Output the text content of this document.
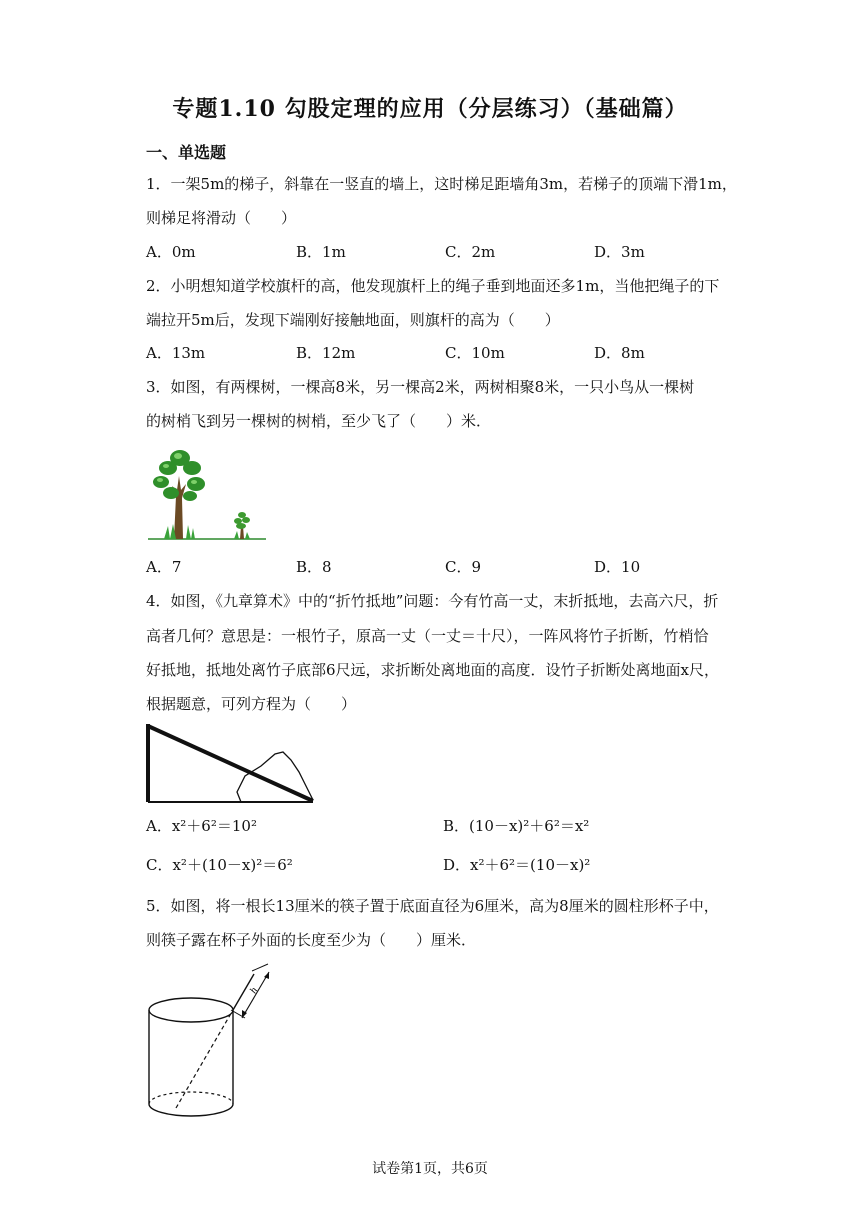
专题1.10 勾股定理的应用（分层练习）（基础篇）
一、单选题
1．一架5m的梯子，斜靠在一竖直的墙上，这时梯足距墙角3m，若梯子的顶端下滑1m，
则梯足将滑动（　　）
A．0m	B．1m	C．2m	D．3m
2．小明想知道学校旗杆的高，他发现旗杆上的绳子垂到地面还多1m，当他把绳子的下
端拉开5m后，发现下端刚好接触地面，则旗杆的高为（　　）
A．13m	B．12m	C．10m	D．8m
3．如图，有两棵树，一棵高8米，另一棵高2米，两树相聚8米，一只小鸟从一棵树
的树梢飞到另一棵树的树梢，至少飞了（　　）米．
A．7	B．8	C．9	D．10
4．如图，《九章算术》中的“折竹抵地”问题：今有竹高一丈，末折抵地，去高六尺，折
高者几何？意思是：一根竹子，原高一丈（一丈＝十尺），一阵风将竹子折断，竹梢恰
好抵地，抵地处离竹子底部6尺远，求折断处离地面的高度．设竹子折断处离地面x尺，
根据题意，可列方程为（　　）
A．x²＋6²＝10²	B．(10－x)²＋6²＝x²
C．x²＋(10－x)²＝6²	D．x²＋6²＝(10－x)²
5．如图，将一根长13厘米的筷子置于底面直径为6厘米，高为8厘米的圆柱形杯子中，
则筷子露在杯子外面的长度至少为（　　）厘米．
h
试卷第1页，共6页
